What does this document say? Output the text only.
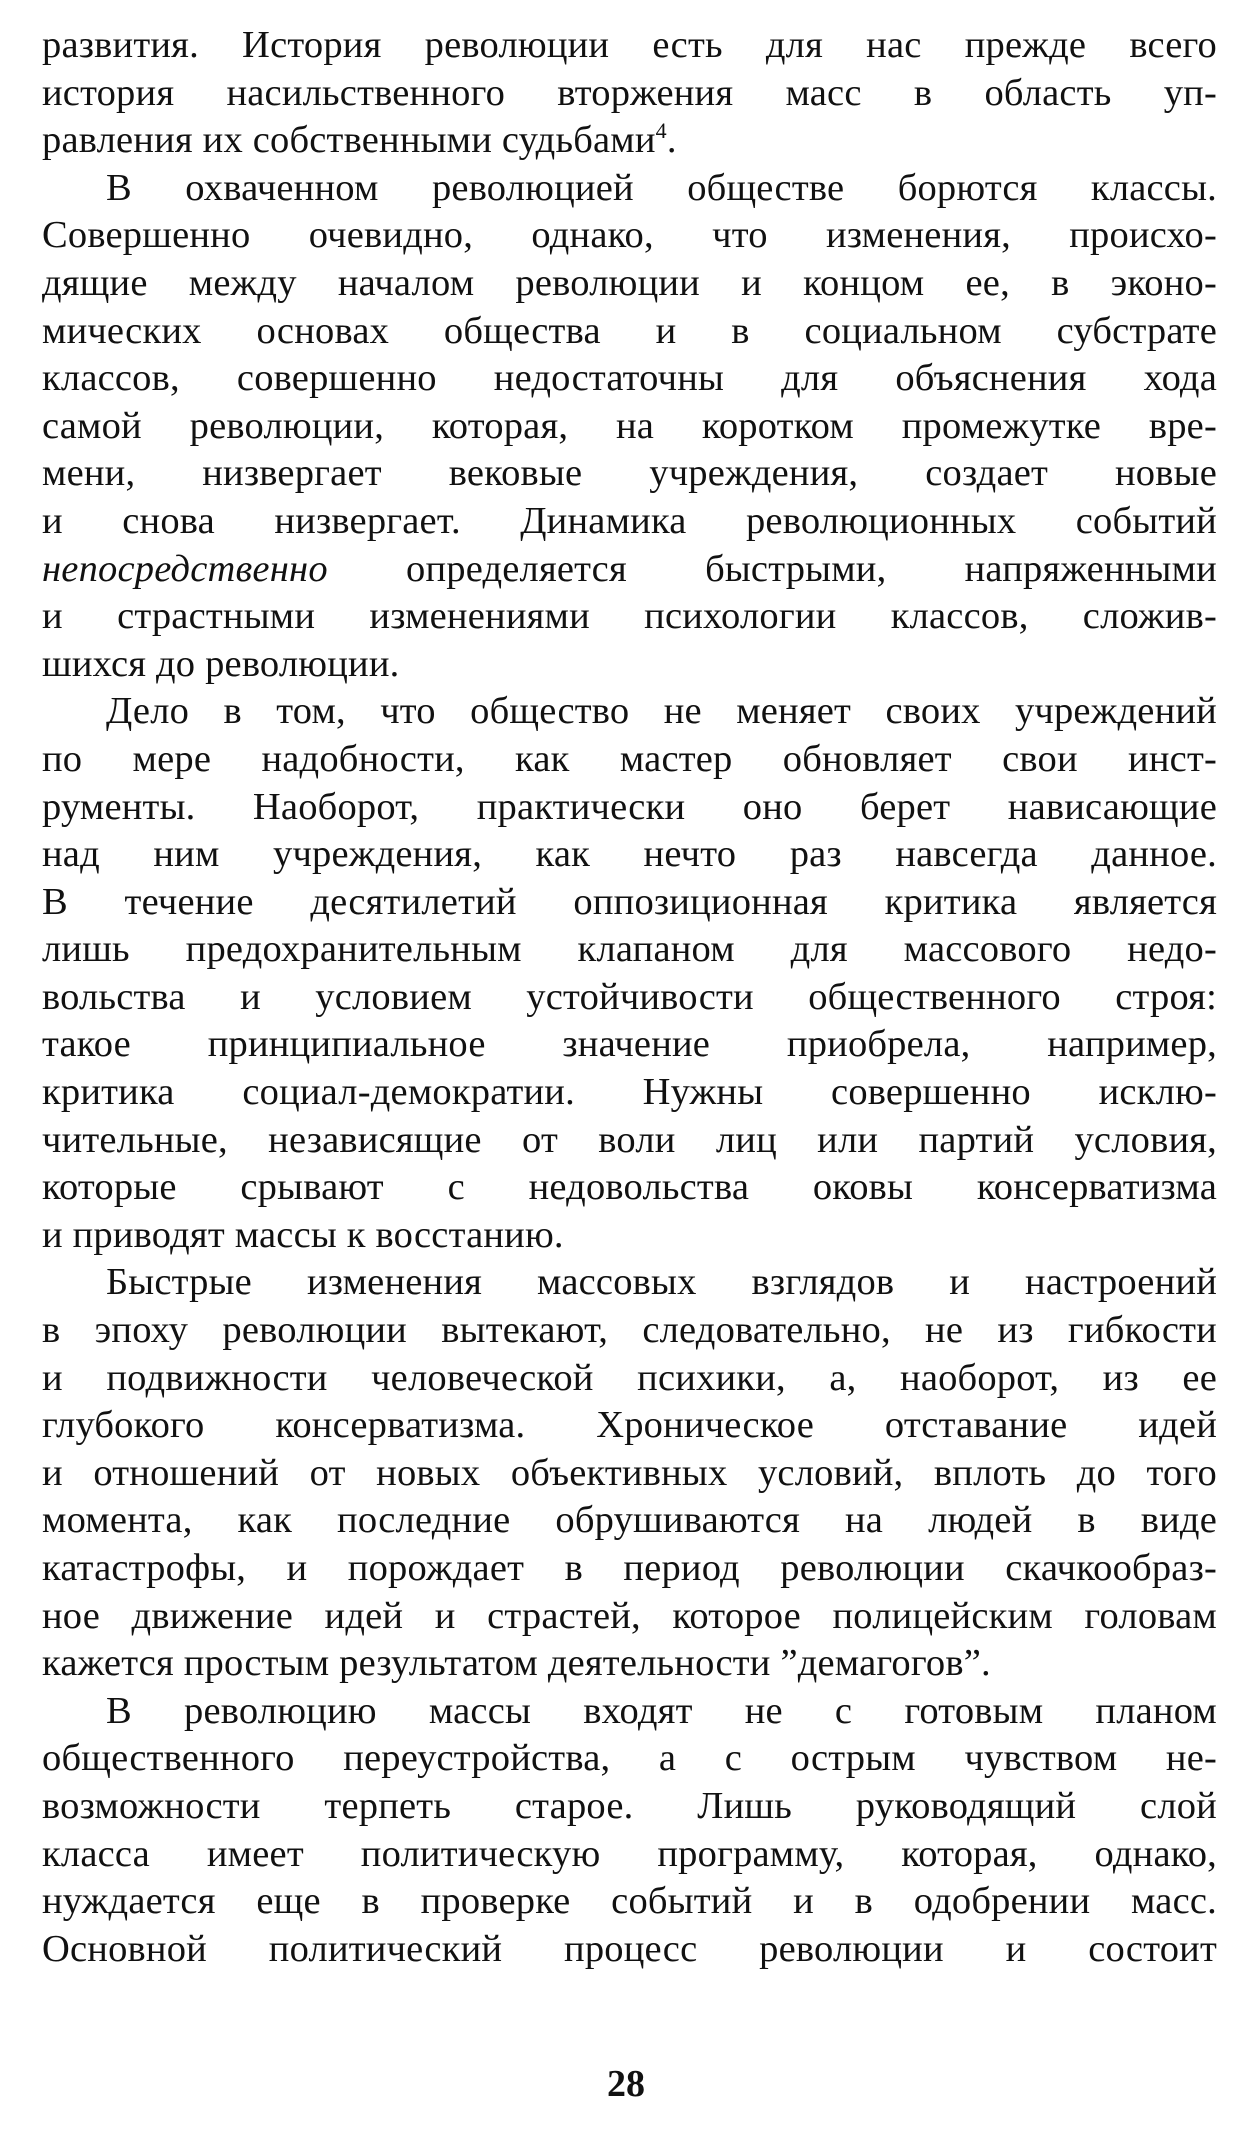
развития. История революции есть для нас прежде всего
история насильственного вторжения масс в область уп-
равления их собственными судьбами$^4$.
В охваченном революцией обществе борются классы.
Совершенно очевидно, однако, что изменения, происхо-
дящие между началом революции и концом ее, в эконо-
мических основах общества и в социальном субстрате
классов, совершенно недостаточны для объяснения хода
самой революции, которая, на коротком промежутке вре-
мени, низвергает вековые учреждения, создает новые
и снова низвергает. Динамика революционных событий
непосредственно определяется быстрыми, напряженными
и страстными изменениями психологии классов, сложив-
шихся до революции.
Дело в том, что общество не меняет своих учреждений
по мере надобности, как мастер обновляет свои инст-
рументы. Наоборот, практически оно берет нависающие
над ним учреждения, как нечто раз навсегда данное.
В течение десятилетий оппозиционная критика является
лишь предохранительным клапаном для массового недо-
вольства и условием устойчивости общественного строя:
такое принципиальное значение приобрела, например,
критика социал-демократии. Нужны совершенно исклю-
чительные, независящие от воли лиц или партий условия,
которые срывают с недовольства оковы консерватизма
и приводят массы к восстанию.
Быстрые изменения массовых взглядов и настроений
в эпоху революции вытекают, следовательно, не из гибкости
и подвижности человеческой психики, а, наоборот, из ее
глубокого консерватизма. Хроническое отставание идей
и отношений от новых объективных условий, вплоть до того
момента, как последние обрушиваются на людей в виде
катастрофы, и порождает в период революции скачкообраз-
ное движение идей и страстей, которое полицейским головам
кажется простым результатом деятельности ”демагогов”.
В революцию массы входят не с готовым планом
общественного переустройства, а с острым чувством не-
возможности терпеть старое. Лишь руководящий слой
класса имеет политическую программу, которая, однако,
нуждается еще в проверке событий и в одобрении масс.
Основной политический процесс революции и состоит
28
